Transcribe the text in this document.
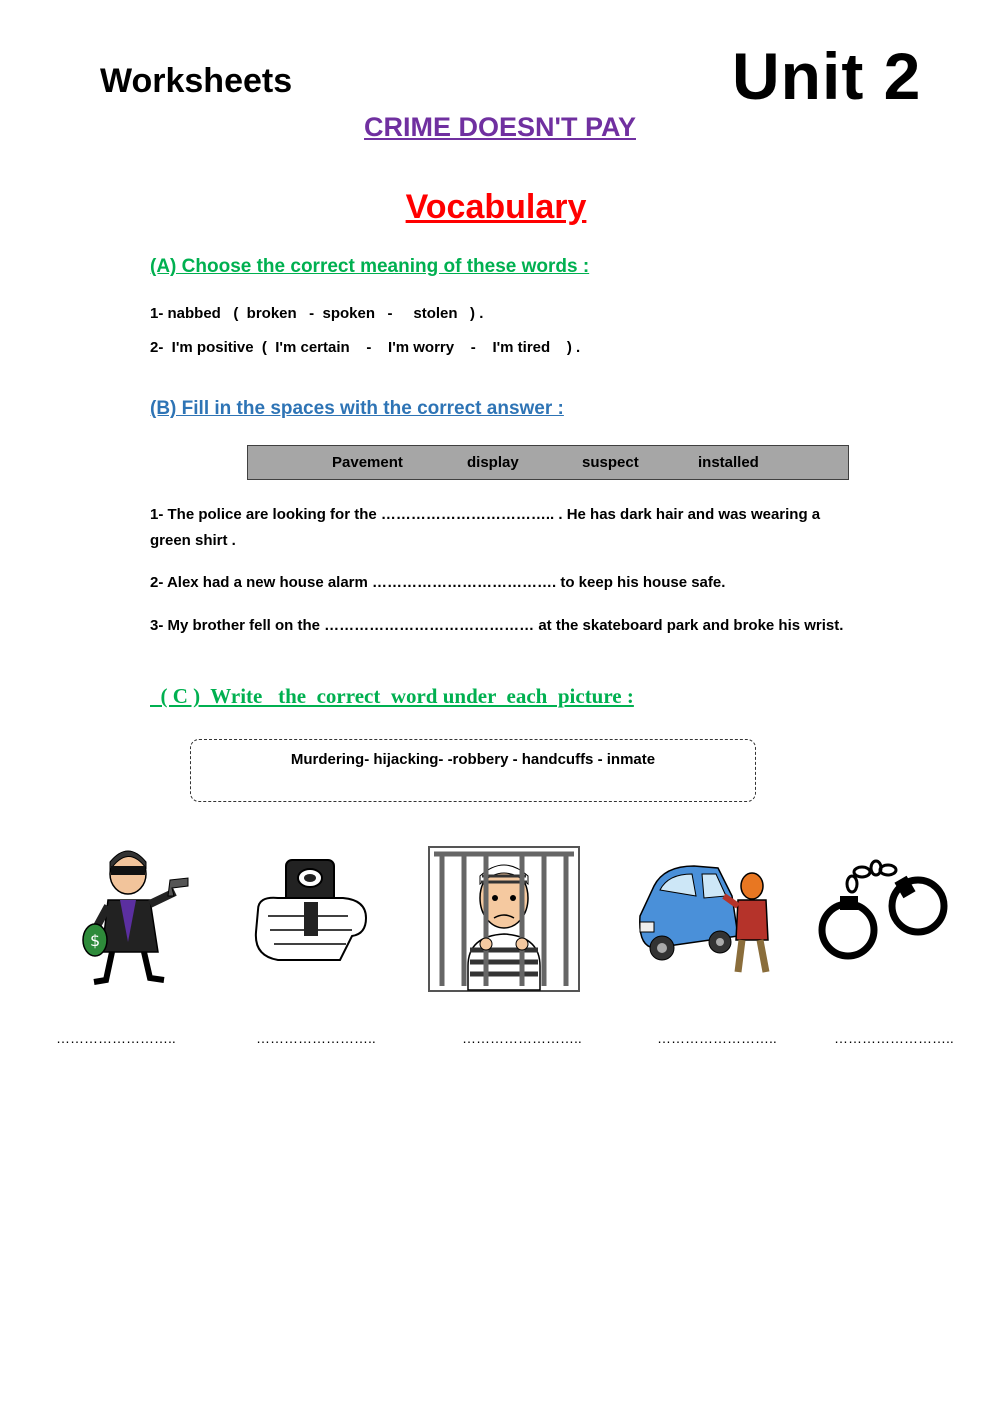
Worksheets	Unit 2
CRIME DOESN'T PAY
Vocabulary
(A) Choose the correct meaning of these words :
1- nabbed   (  broken   -  spoken   -     stolen   ) .
2-  I'm positive  (  I'm certain    -    I'm worry    -    I'm tired    ) .
(B) Fill in the spaces with the correct answer :
Pavement	display	suspect	installed
1- The police are looking for the …………………………….. . He has dark hair and was wearing a green shirt .
2- Alex had a new house alarm ………………………………. to keep his house safe.
3- My brother fell on the …………………………………… at the skateboard park and broke his wrist.
( C )  Write   the  correct  word under  each  picture :
Murdering- hijacking- -robbery - handcuffs - inmate
$
……………………..	……………………..	……………………..	……………………..	……………………..
